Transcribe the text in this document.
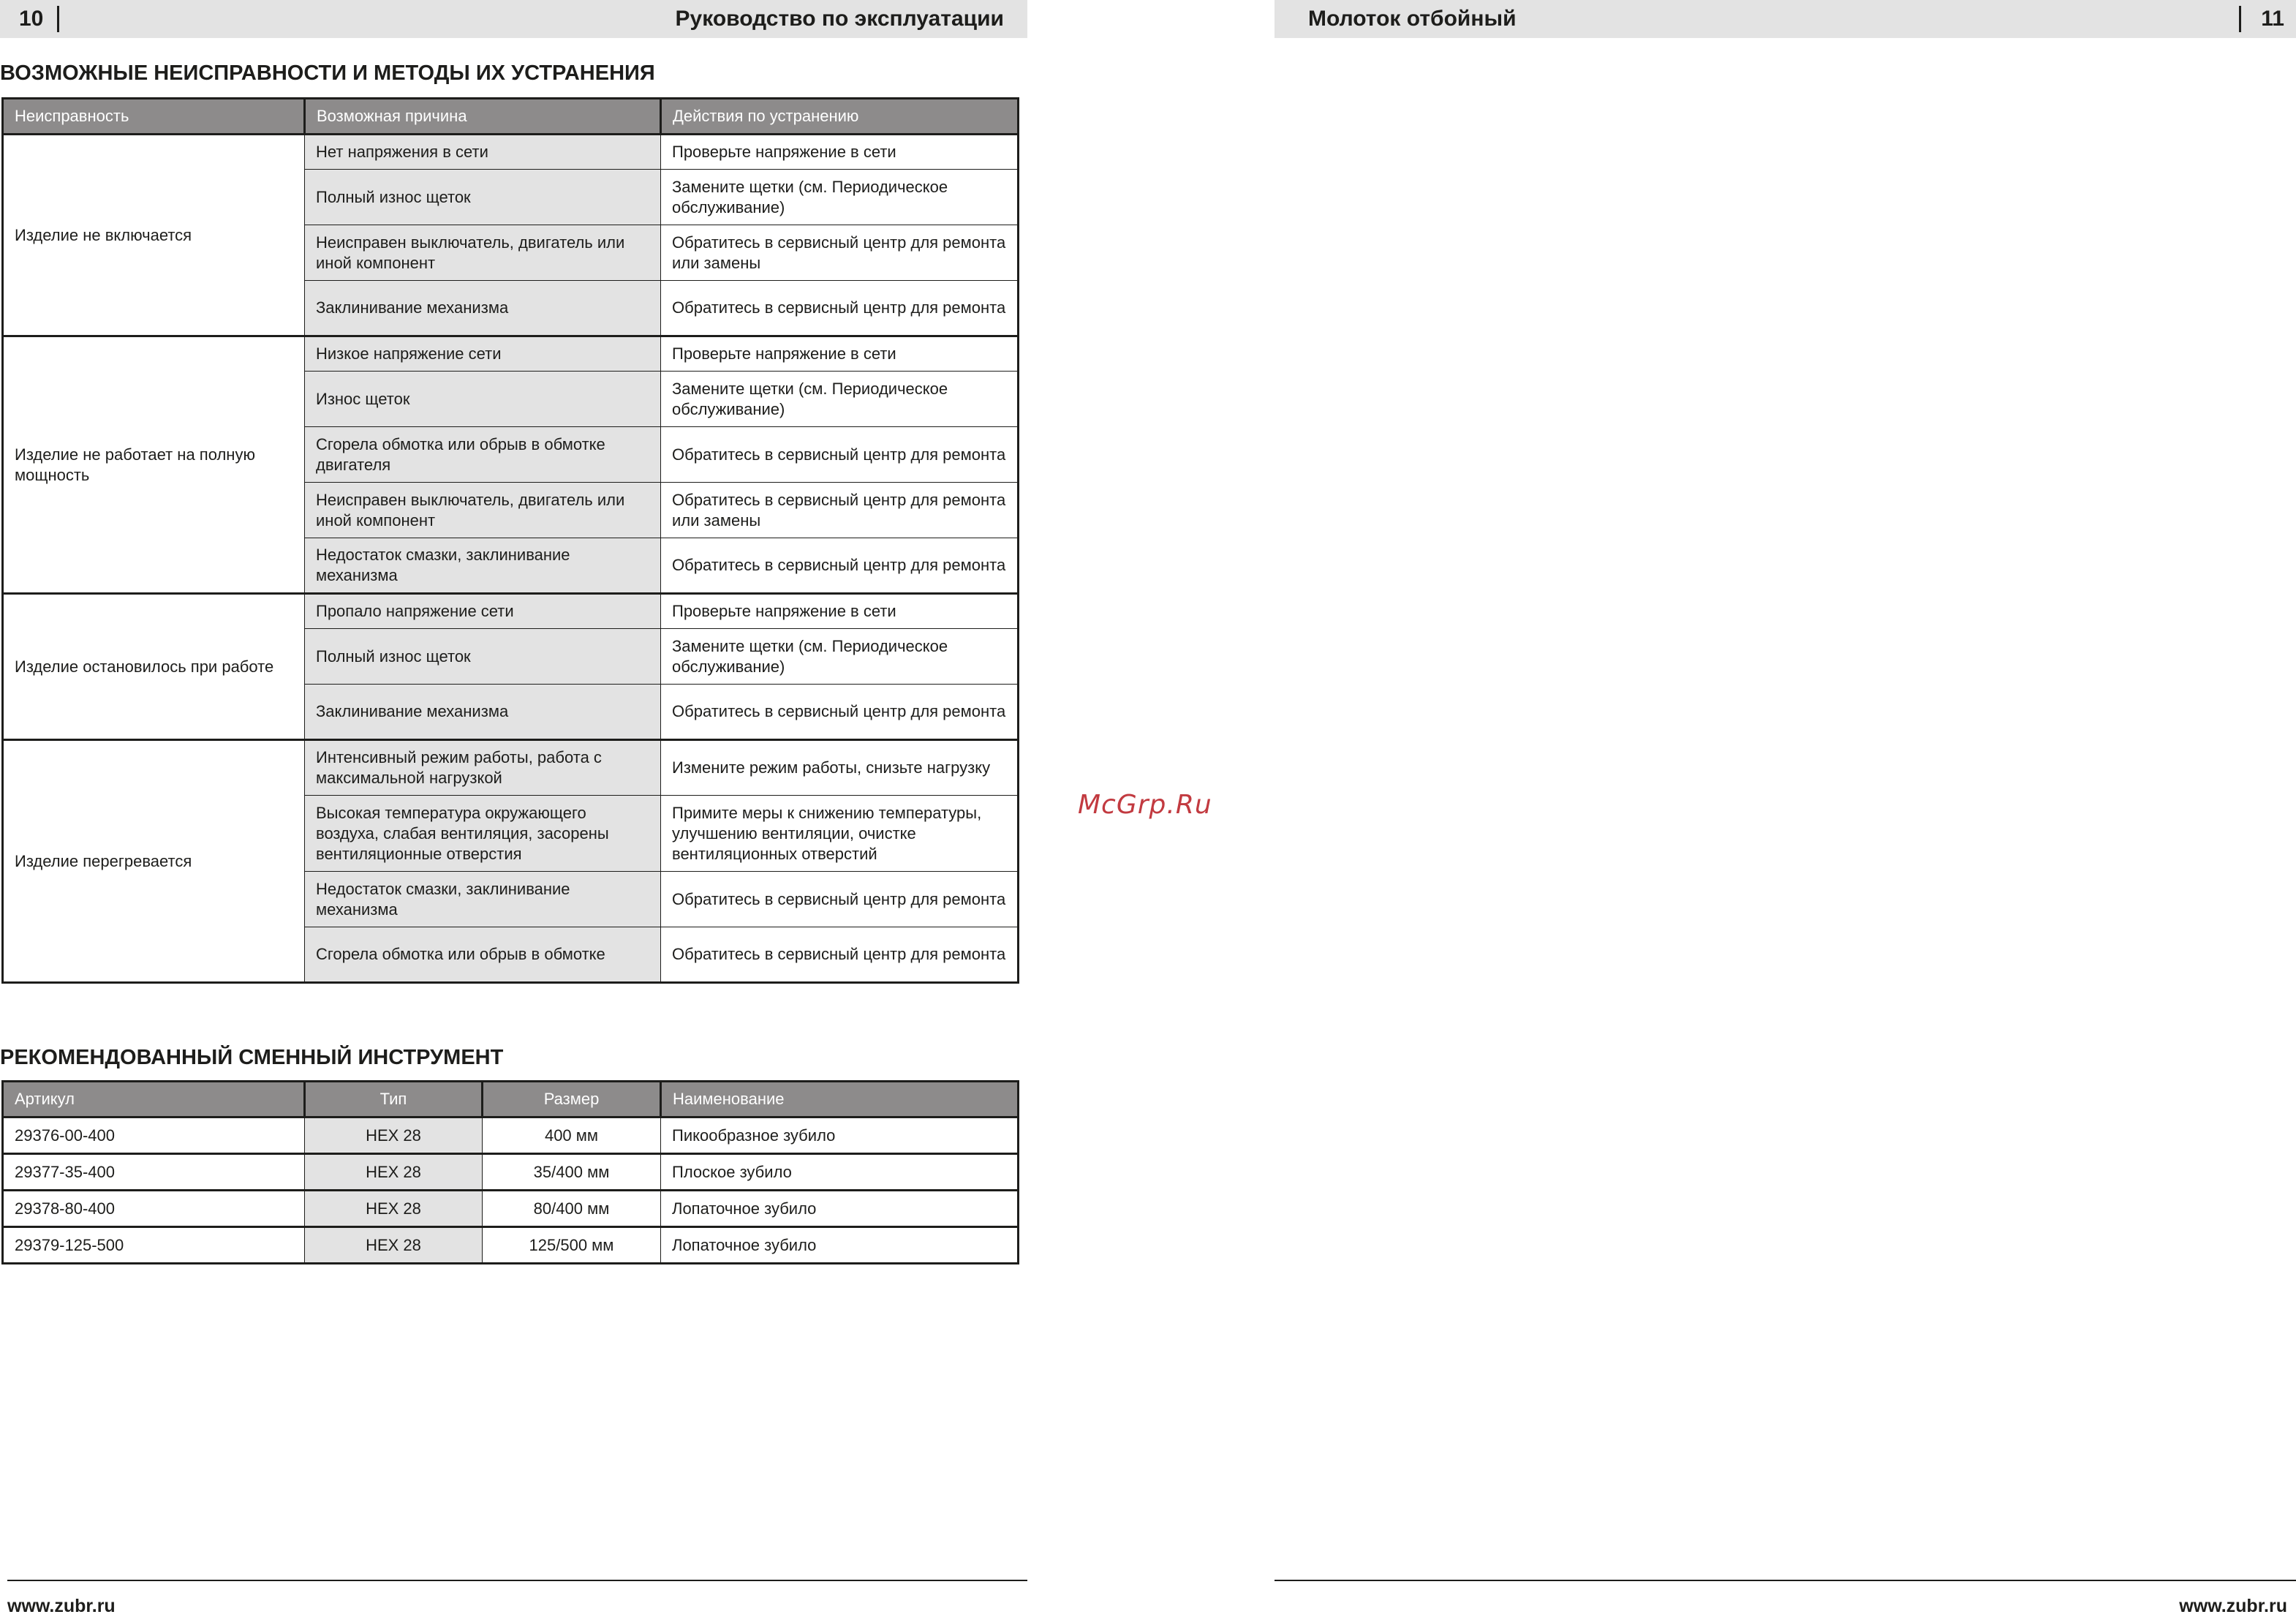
10	Руководство по эксплуатации	Молоток отбойный	11
ВОЗМОЖНЫЕ НЕИСПРАВНОСТИ И МЕТОДЫ ИХ УСТРАНЕНИЯ
Неисправность	Возможная причина	Действия по устранению
Изделие не включается	Нет напряжения в сети	Проверьте напряжение в сети
	Полный износ щеток	Замените щетки (см. Периодическое обслуживание)
	Неисправен выключатель, двигатель или иной компонент	Обратитесь в сервисный центр для ремонта или замены
	Заклинивание механизма	Обратитесь в сервисный центр для ремонта
Изделие не работает на полную мощность	Низкое напряжение сети	Проверьте напряжение в сети
	Износ щеток	Замените щетки (см. Периодическое обслуживание)
	Сгорела обмотка или обрыв в обмотке двигателя	Обратитесь в сервисный центр для ремонта
	Неисправен выключатель, двигатель или иной компонент	Обратитесь в сервисный центр для ремонта или замены
	Недостаток смазки, заклинивание механизма	Обратитесь в сервисный центр для ремонта
Изделие остановилось при работе	Пропало напряжение сети	Проверьте напряжение в сети
	Полный износ щеток	Замените щетки (см. Периодическое обслуживание)
	Заклинивание механизма	Обратитесь в сервисный центр для ремонта
Изделие перегревается	Интенсивный режим работы, работа с максимальной нагрузкой	Измените режим работы, снизьте нагрузку
	Высокая температура окружающего воздуха, слабая вентиляция, засорены вентиляционные отверстия	Примите меры к снижению температуры, улучшению вентиляции, очистке вентиляционных отверстий
	Недостаток смазки, заклинивание механизма	Обратитесь в сервисный центр для ремонта
	Сгорела обмотка или обрыв в обмотке	Обратитесь в сервисный центр для ремонта
РЕКОМЕНДОВАННЫЙ СМЕННЫЙ ИНСТРУМЕНТ
Артикул	Тип	Размер	Наименование
29376-00-400	HEX 28	400 мм	Пикообразное зубило
29377-35-400	HEX 28	35/400 мм	Плоское зубило
29378-80-400	HEX 28	80/400 мм	Лопаточное зубило
29379-125-500	HEX 28	125/500 мм	Лопаточное зубило
McGrp.Ru
www.zubr.ru	www.zubr.ru
